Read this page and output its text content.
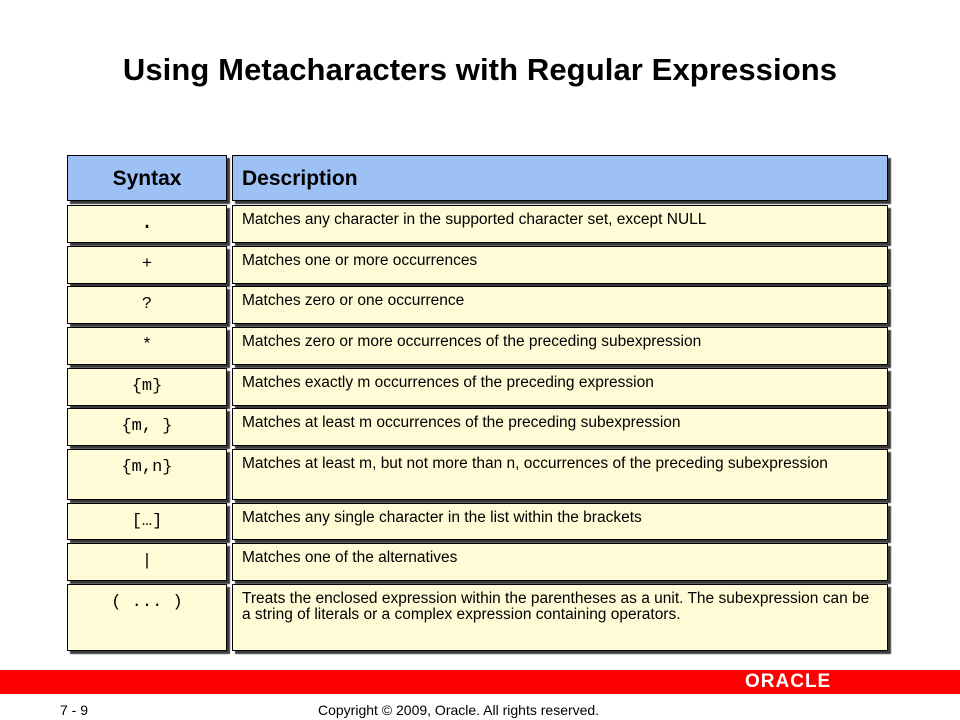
Using Metacharacters with Regular Expressions
Syntax	Description
.	Matches any character in the supported character set, except NULL
+	Matches one or more occurrences
?	Matches zero or one occurrence
*	Matches zero or more occurrences of the preceding subexpression
{m}	Matches exactly m occurrences of the preceding expression
{m, }	Matches at least m occurrences of the preceding subexpression
{m,n}	Matches at least m, but not more than n, occurrences of the preceding subexpression
[…]	Matches any single character in the list within the brackets
|	Matches one of the alternatives
( ... )	Treats the enclosed expression within the parentheses as a unit. The subexpression can be a string of literals or a complex expression containing operators.
ORACLE
7 - 9	Copyright © 2009, Oracle. All rights reserved.
